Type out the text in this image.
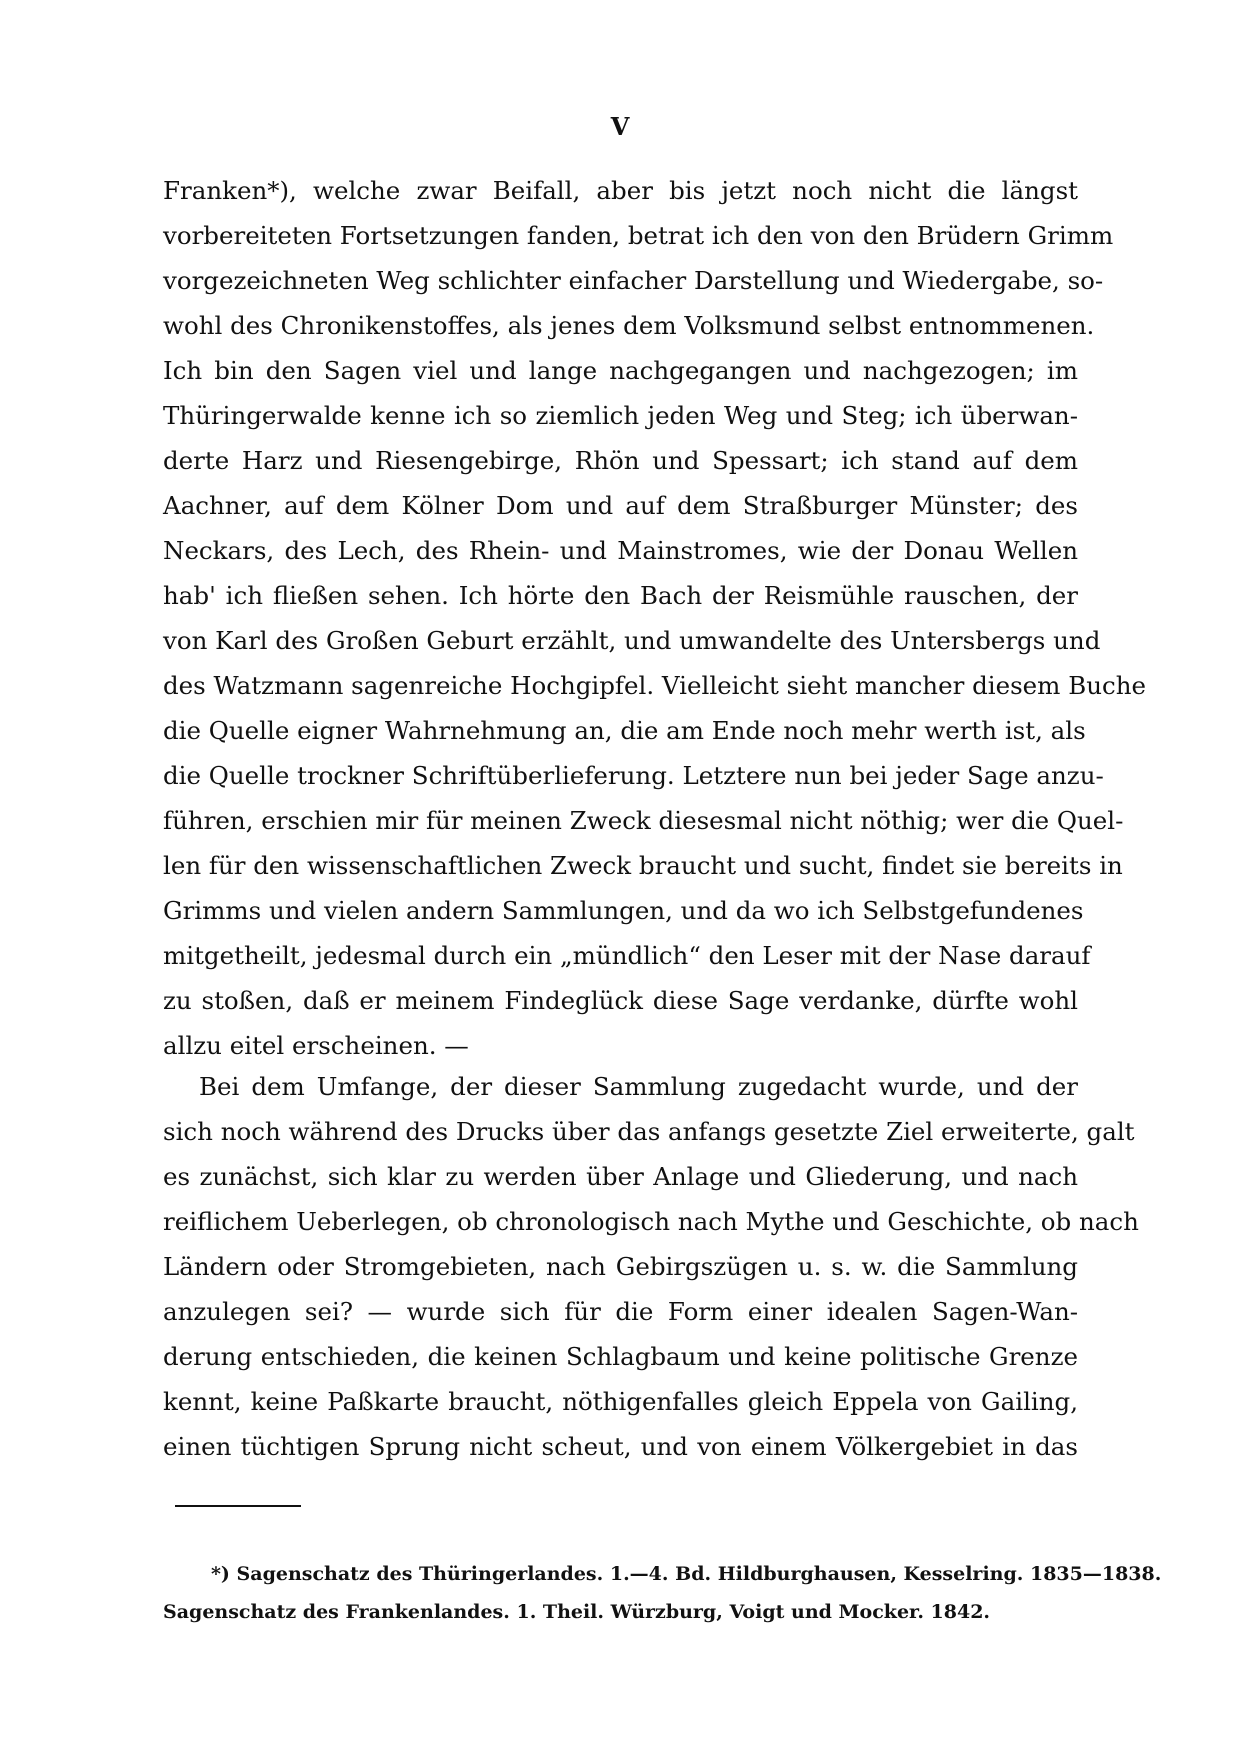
V
Franken*), welche zwar Beifall, aber bis jetzt noch nicht die längst
vorbereiteten Fortsetzungen fanden, betrat ich den von den Brüdern Grimm
vorgezeichneten Weg schlichter einfacher Darstellung und Wiedergabe, so-
wohl des Chronikenstoffes, als jenes dem Volksmund selbst entnommenen.
Ich bin den Sagen viel und lange nachgegangen und nachgezogen; im
Thüringerwalde kenne ich so ziemlich jeden Weg und Steg; ich überwan-
derte Harz und Riesengebirge, Rhön und Spessart; ich stand auf dem
Aachner, auf dem Kölner Dom und auf dem Straßburger Münster; des
Neckars, des Lech, des Rhein- und Mainstromes, wie der Donau Wellen
hab' ich fließen sehen. Ich hörte den Bach der Reismühle rauschen, der
von Karl des Großen Geburt erzählt, und umwandelte des Untersbergs und
des Watzmann sagenreiche Hochgipfel. Vielleicht sieht mancher diesem Buche
die Quelle eigner Wahrnehmung an, die am Ende noch mehr werth ist, als
die Quelle trockner Schriftüberlieferung. Letztere nun bei jeder Sage anzu-
führen, erschien mir für meinen Zweck diesesmal nicht nöthig; wer die Quel-
len für den wissenschaftlichen Zweck braucht und sucht, findet sie bereits in
Grimms und vielen andern Sammlungen, und da wo ich Selbstgefundenes
mitgetheilt, jedesmal durch ein „mündlich“ den Leser mit der Nase darauf
zu stoßen, daß er meinem Findeglück diese Sage verdanke, dürfte wohl
allzu eitel erscheinen. —
Bei dem Umfange, der dieser Sammlung zugedacht wurde, und der
sich noch während des Drucks über das anfangs gesetzte Ziel erweiterte, galt
es zunächst, sich klar zu werden über Anlage und Gliederung, und nach
reiflichem Ueberlegen, ob chronologisch nach Mythe und Geschichte, ob nach
Ländern oder Stromgebieten, nach Gebirgszügen u. s. w. die Sammlung
anzulegen sei? — wurde sich für die Form einer idealen Sagen-Wan-
derung entschieden, die keinen Schlagbaum und keine politische Grenze
kennt, keine Paßkarte braucht, nöthigenfalles gleich Eppela von Gailing,
einen tüchtigen Sprung nicht scheut, und von einem Völkergebiet in das
*) Sagenschatz des Thüringerlandes. 1.—4. Bd. Hildburghausen, Kesselring. 1835—1838.
Sagenschatz des Frankenlandes. 1. Theil. Würzburg, Voigt und Mocker. 1842.
